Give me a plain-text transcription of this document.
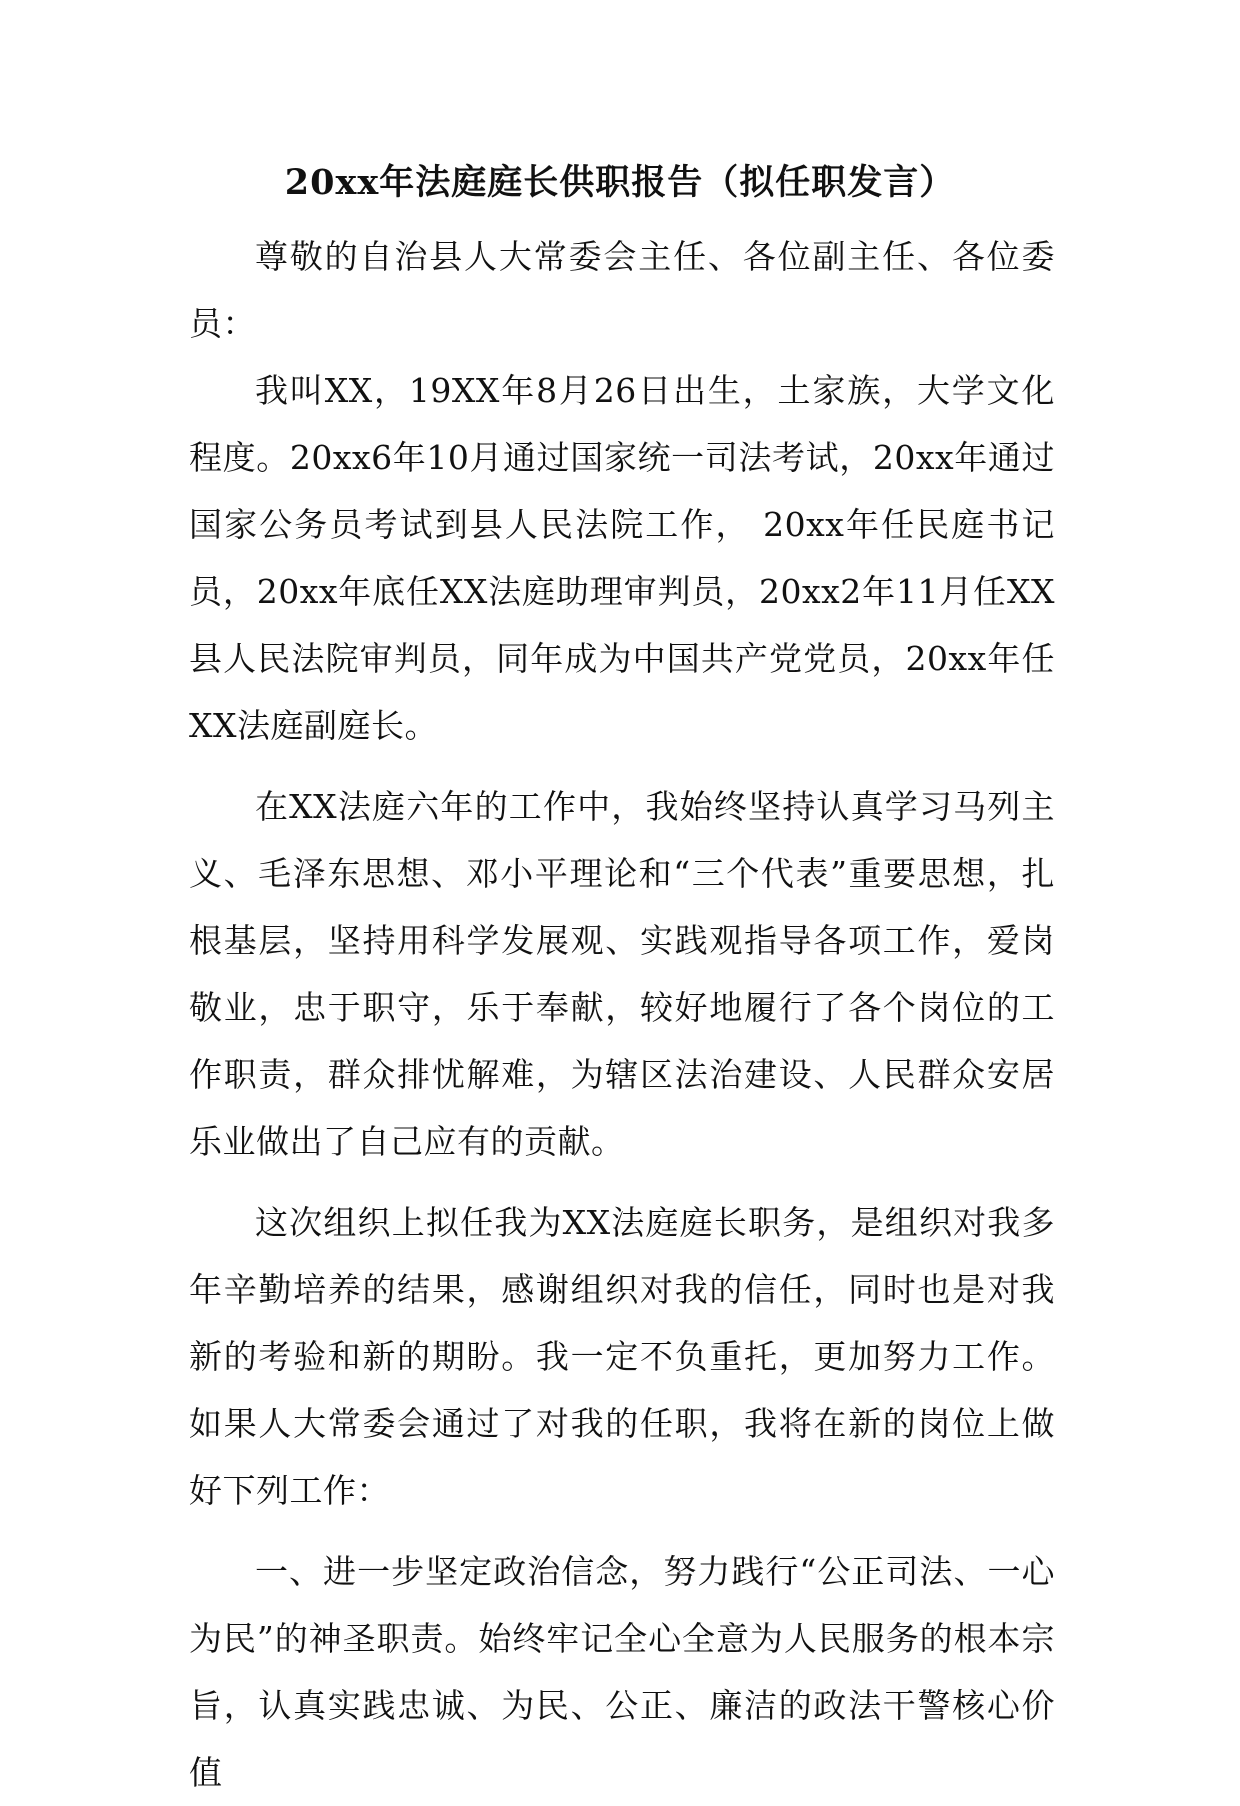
20xx年法庭庭长供职报告（拟任职发言）

尊敬的自治县人大常委会主任、各位副主任、各位委员：

我叫XX，19XX年8月26日出生，土家族，大学文化程度。20xx6年10月通过国家统一司法考试，20xx年通过国家公务员考试到县人民法院工作， 20xx年任民庭书记员，20xx年底任XX法庭助理审判员，20xx2年11月任XX县人民法院审判员，同年成为中国共产党党员，20xx年任XX法庭副庭长。

在XX法庭六年的工作中，我始终坚持认真学习马列主义、毛泽东思想、邓小平理论和“三个代表”重要思想，扎根基层，坚持用科学发展观、实践观指导各项工作，爱岗敬业，忠于职守，乐于奉献，较好地履行了各个岗位的工作职责，群众排忧解难，为辖区法治建设、人民群众安居乐业做出了自己应有的贡献。

这次组织上拟任我为XX法庭庭长职务，是组织对我多年辛勤培养的结果，感谢组织对我的信任，同时也是对我新的考验和新的期盼。我一定不负重托，更加努力工作。如果人大常委会通过了对我的任职，我将在新的岗位上做好下列工作：

一、进一步坚定政治信念，努力践行“公正司法、一心为民”的神圣职责。始终牢记全心全意为人民服务的根本宗旨，认真实践忠诚、为民、公正、廉洁的政法干警核心价值
